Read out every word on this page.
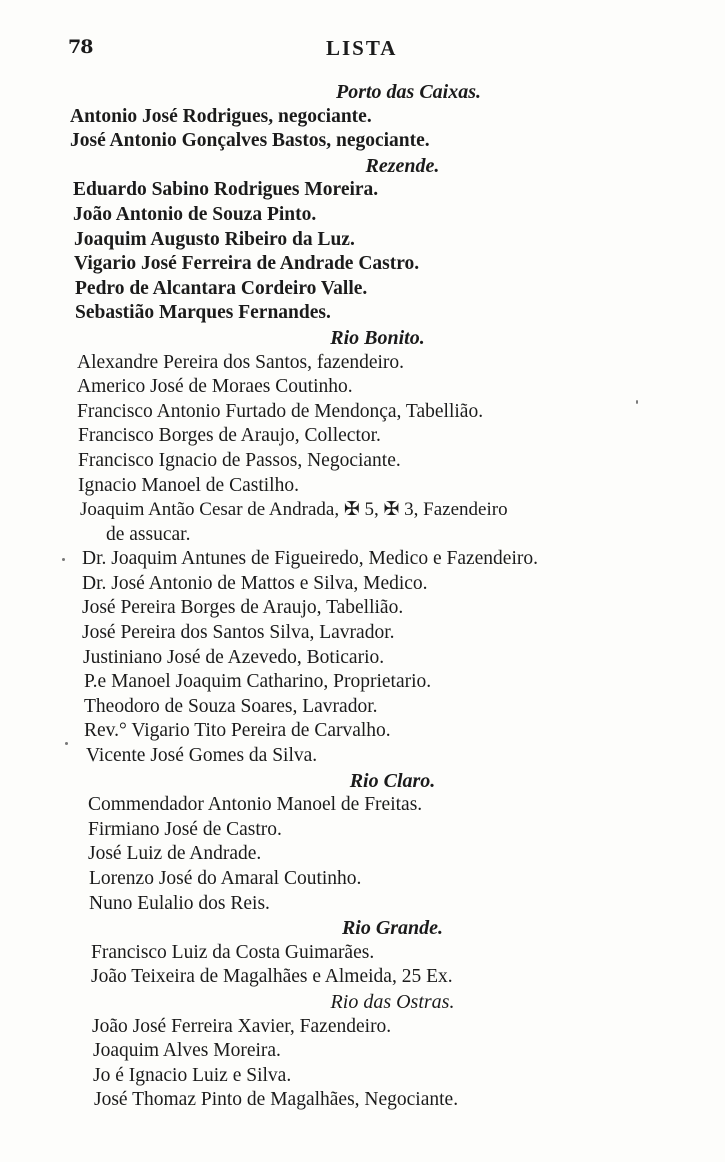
78	LISTA
Porto das Caixas.
Antonio José Rodrigues, negociante.
José Antonio Gonçalves Bastos, negociante.
Rezende.
Eduardo Sabino Rodrigues Moreira.
João Antonio de Souza Pinto.
Joaquim Augusto Ribeiro da Luz.
Vigario José Ferreira de Andrade Castro.
Pedro de Alcantara Cordeiro Valle.
Sebastião Marques Fernandes.
Rio Bonito.
Alexandre Pereira dos Santos, fazendeiro.
Americo José de Moraes Coutinho.
Francisco Antonio Furtado de Mendonça, Tabellião.
Francisco Borges de Araujo, Collector.
Francisco Ignacio de Passos, Negociante.
Ignacio Manoel de Castilho.
Joaquim Antão Cesar de Andrada, ✠ 5, ✠ 3, Fazendeiro
de assucar.
Dr. Joaquim Antunes de Figueiredo, Medico e Fazendeiro.
Dr. José Antonio de Mattos e Silva, Medico.
José Pereira Borges de Araujo, Tabellião.
José Pereira dos Santos Silva, Lavrador.
Justiniano José de Azevedo, Boticario.
P.e Manoel Joaquim Catharino, Proprietario.
Theodoro de Souza Soares, Lavrador.
Rev.° Vigario Tito Pereira de Carvalho.
Vicente José Gomes da Silva.
Rio Claro.
Commendador Antonio Manoel de Freitas.
Firmiano José de Castro.
José Luiz de Andrade.
Lorenzo José do Amaral Coutinho.
Nuno Eulalio dos Reis.
Rio Grande.
Francisco Luiz da Costa Guimarães.
João Teixeira de Magalhães e Almeida, 25 Ex.
Rio das Ostras.
João José Ferreira Xavier, Fazendeiro.
Joaquim Alves Moreira.
Jo é Ignacio Luiz e Silva.
José Thomaz Pinto de Magalhães, Negociante.
